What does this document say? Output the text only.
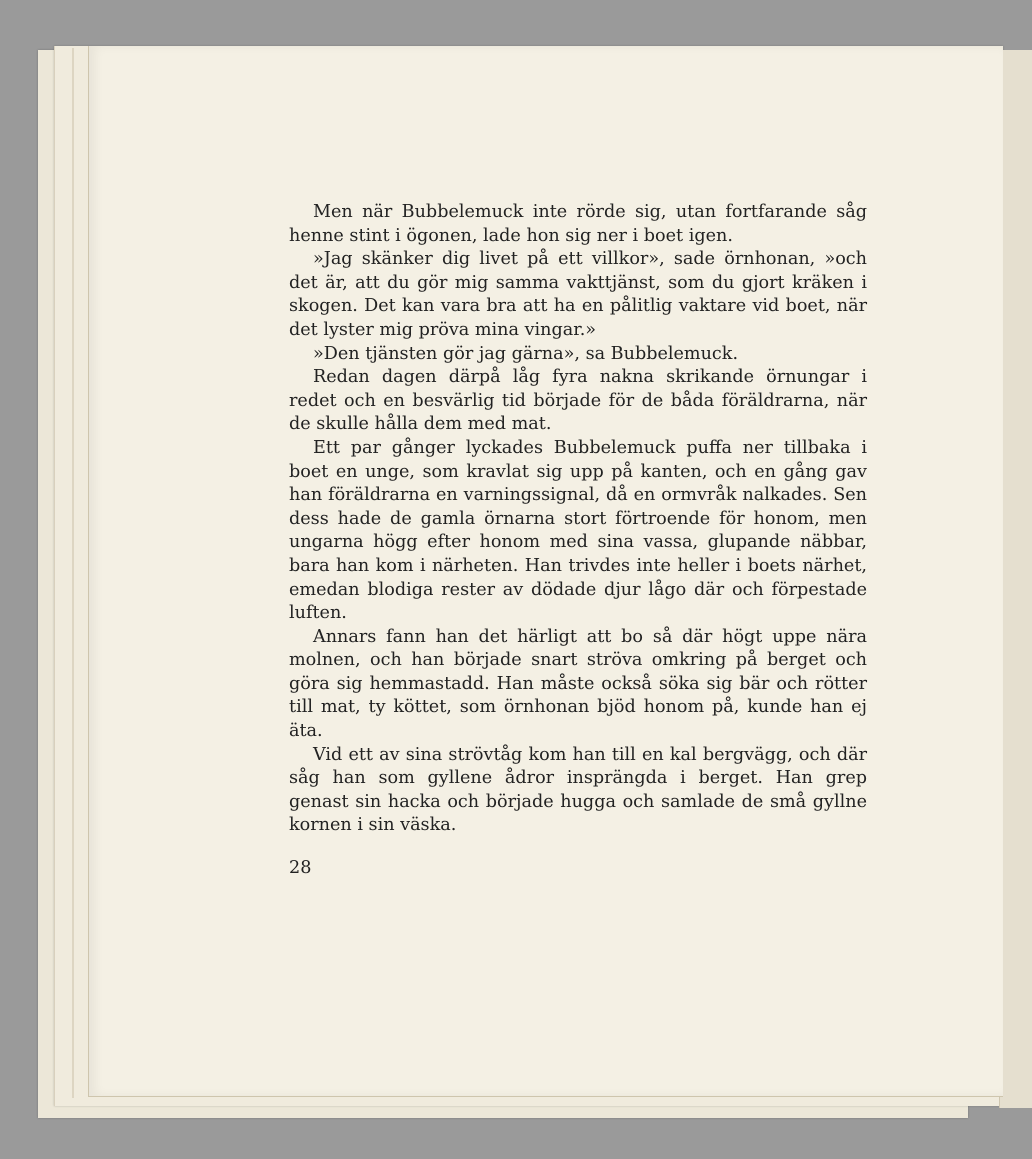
Men när Bubbelemuck inte rörde sig, utan fortfarande såg henne stint i ögonen, lade hon sig ner i boet igen.

»Jag skänker dig livet på ett villkor», sade örnhonan, »och det är, att du gör mig samma vakttjänst, som du gjort kräken i skogen. Det kan vara bra att ha en pålitlig vaktare vid boet, när det lyster mig pröva mina vingar.»

»Den tjänsten gör jag gärna», sa Bubbelemuck.

Redan dagen därpå låg fyra nakna skrikande örnungar i redet och en besvärlig tid började för de båda föräldrarna, när de skulle hålla dem med mat.

Ett par gånger lyckades Bubbelemuck puffa ner tillbaka i boet en unge, som kravlat sig upp på kanten, och en gång gav han föräldrarna en varningssignal, då en ormvråk nalkades. Sen dess hade de gamla örnarna stort förtroende för honom, men ungarna högg efter honom med sina vassa, glupande näbbar, bara han kom i närheten. Han trivdes inte heller i boets närhet, emedan blodiga rester av dödade djur lågo där och förpestade luften.

Annars fann han det härligt att bo så där högt uppe nära molnen, och han började snart ströva omkring på berget och göra sig hemmastadd. Han måste också söka sig bär och rötter till mat, ty köttet, som örnhonan bjöd honom på, kunde han ej äta.

Vid ett av sina strövtåg kom han till en kal bergvägg, och där såg han som gyllene ådror insprängda i berget. Han grep genast sin hacka och började hugga och samlade de små gyllne kornen i sin väska.

28
